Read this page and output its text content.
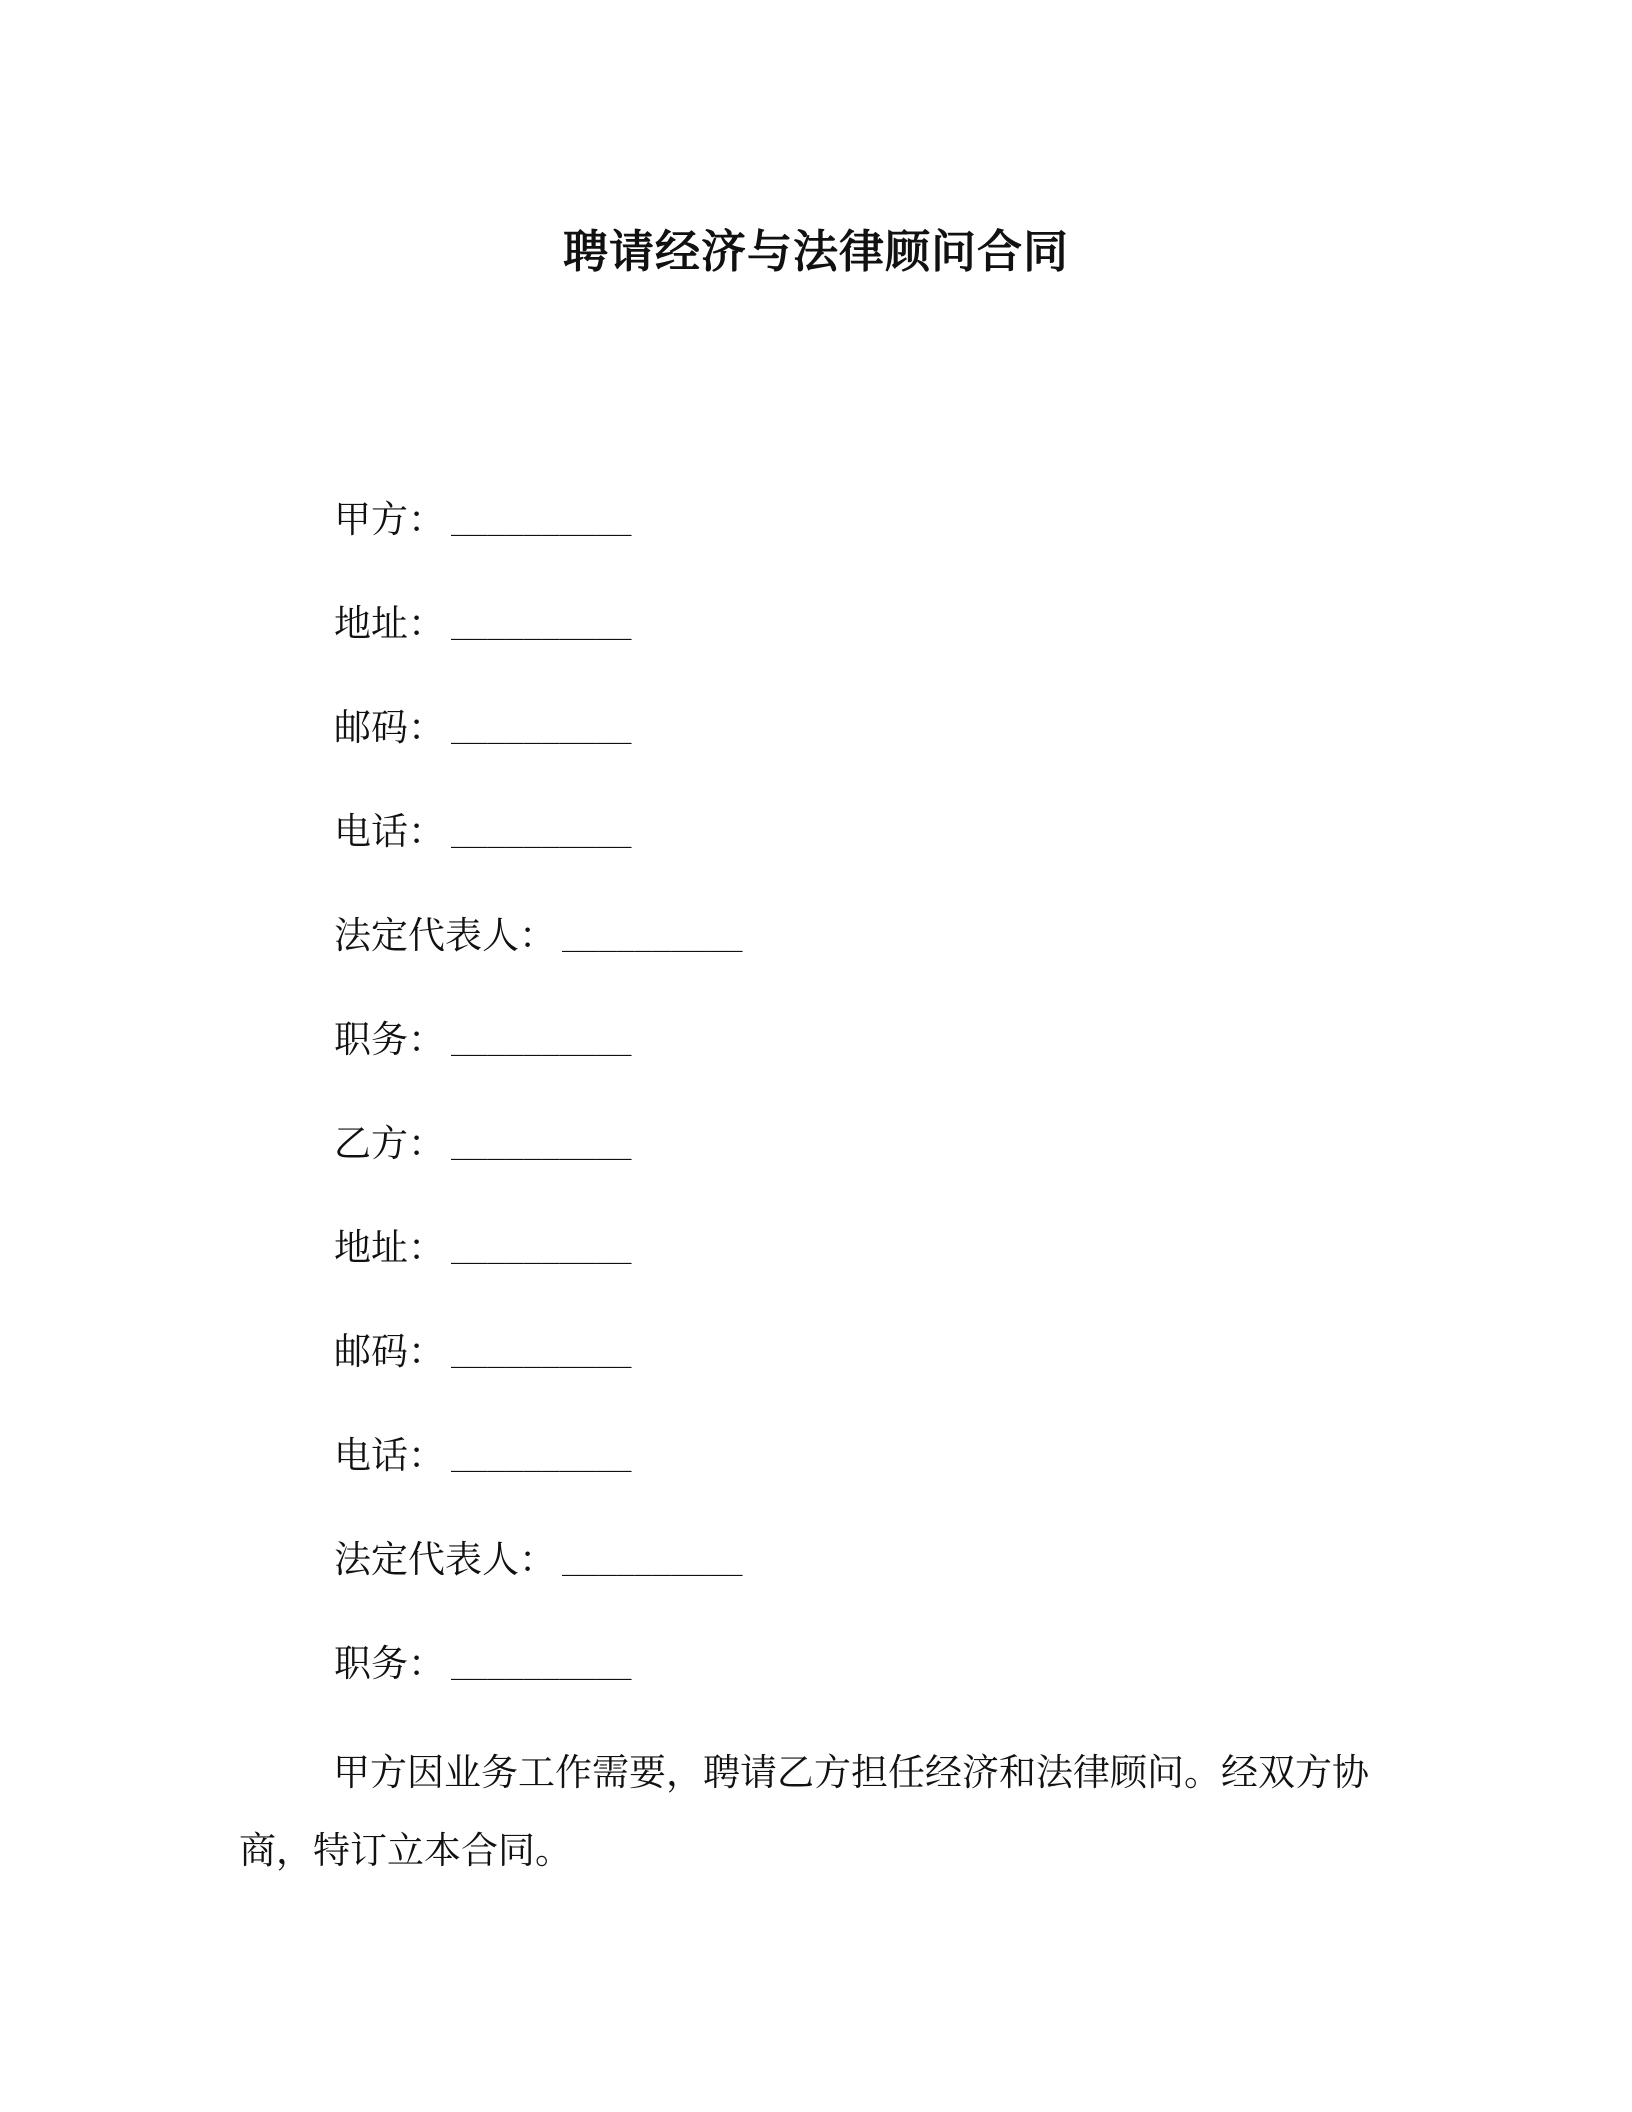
聘请经济与法律顾问合同
甲方 ： __________
地址 ： __________
邮码 ： __________
电话 ： __________
法定代表人 ： __________
职务 ： __________
乙方 ： __________
地址 ： __________
邮码 ： __________
电话 ： __________
法定代表人 ： __________
职务 ： __________

甲方因业务工作需要，聘请乙方担任经济和法律顾问。经双方协商，特订立本合同。
